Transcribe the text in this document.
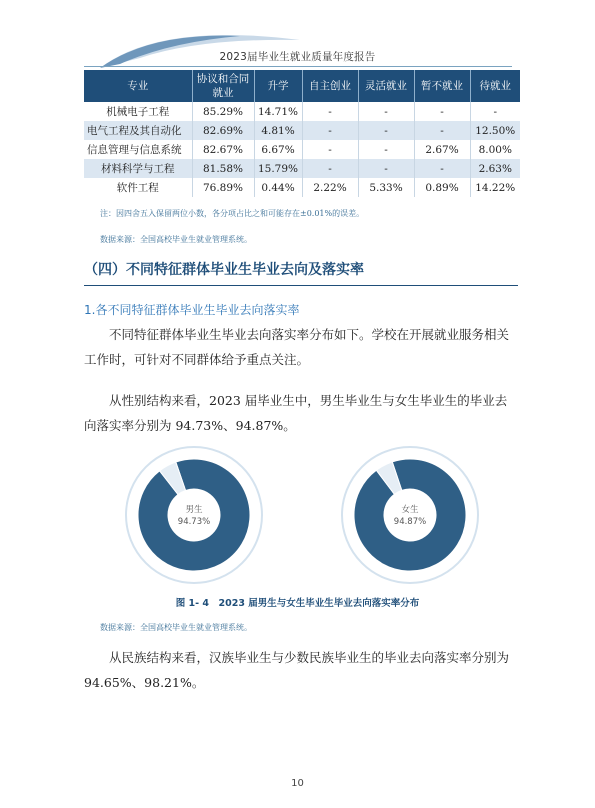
2023届毕业生就业质量年度报告
专业	协议和合同就业	升学	自主创业	灵活就业	暂不就业	待就业
机械电子工程	85.29%	14.71%	-	-	-	-
电气工程及其自动化	82.69%	4.81%	-	-	-	12.50%
信息管理与信息系统	82.67%	6.67%	-	-	2.67%	8.00%
材料科学与工程	81.58%	15.79%	-	-	-	2.63%
软件工程	76.89%	0.44%	2.22%	5.33%	0.89%	14.22%
注：因四舍五入保留两位小数，各分项占比之和可能存在±0.01%的误差。
数据来源：全国高校毕业生就业管理系统。
（四）不同特征群体毕业生毕业去向及落实率
1.各不同特征群体毕业生毕业去向落实率
不同特征群体毕业生毕业去向落实率分布如下。学校在开展就业服务相关工作时，可针对不同群体给予重点关注。
从性别结构来看，2023 届毕业生中，男生毕业生与女生毕业生的毕业去向落实率分别为 94.73%、94.87%。
男生
94.73%
女生
94.87%
图 1- 4　2023 届男生与女生毕业生毕业去向落实率分布
数据来源：全国高校毕业生就业管理系统。
从民族结构来看，汉族毕业生与少数民族毕业生的毕业去向落实率分别为 94.65%、98.21%。
10
